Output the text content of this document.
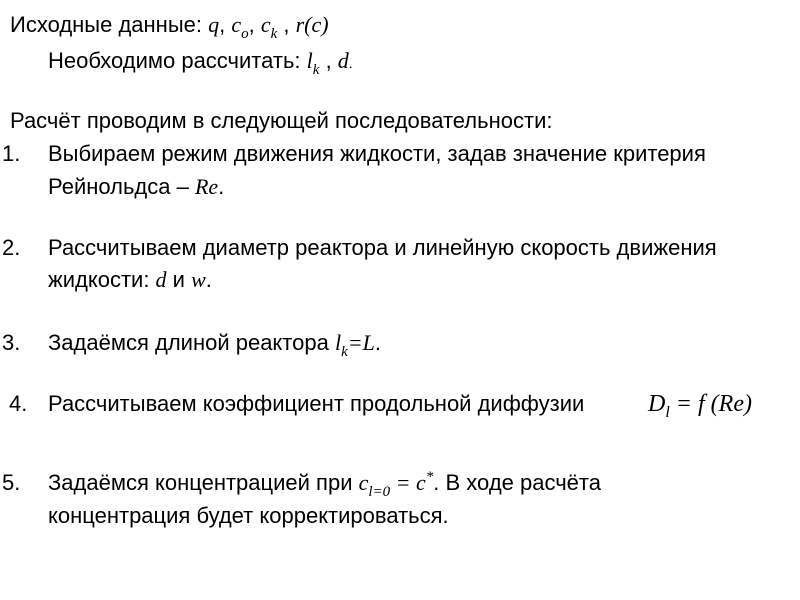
Исходные данные: q, $c_o$, $c_k$ , r(c)
Необходимо рассчитать: $l_k$ , d.
Расчёт проводим в следующей последовательности:
1. Выбираем режим движения жидкости, задав значение критерия
Рейнольдса – Re.
2. Рассчитываем диаметр реактора и линейную скорость движения
жидкости: d и w.
3. Задаёмся длиной реактора $l_k=L$.
4. Рассчитываем коэффициент продольной диффузии	$D_l = f$ (Re)
5. Задаёмся концентрацией при $c_{l=0} = c^*$. В ходе расчёта
концентрация будет корректироваться.
